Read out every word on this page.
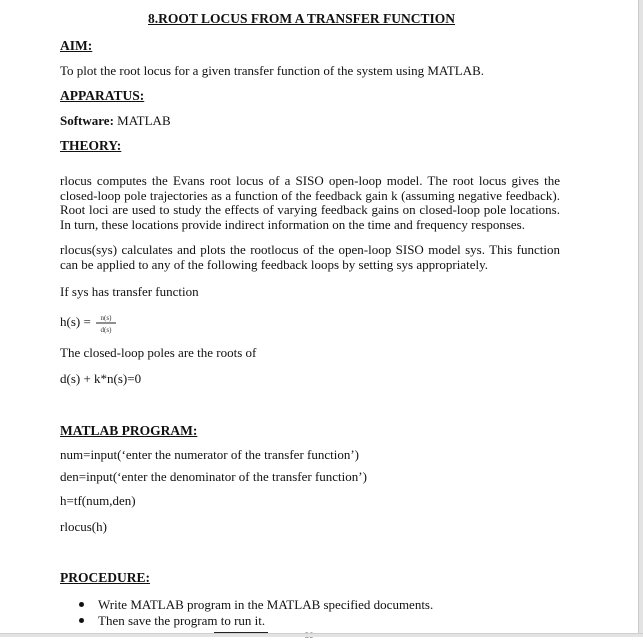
8.ROOT LOCUS FROM A TRANSFER FUNCTION
AIM:
To plot the root locus for a given transfer function of the system using MATLAB.
APPARATUS:
Software: MATLAB
THEORY:
rlocus computes the Evans root locus of a SISO open-loop model. The root locus gives the closed-loop pole trajectories as a function of the feedback gain k (assuming negative feedback). Root loci are used to study the effects of varying feedback gains on closed-loop pole locations. In turn, these locations provide indirect information on the time and frequency responses.
rlocus(sys) calculates and plots the rootlocus of the open-loop SISO model sys. This function can be applied to any of the following feedback loops by setting sys appropriately.
If sys has transfer function
h(s) = n(s)
d(s)
The closed-loop poles are the roots of
d(s) + k*n(s)=0
MATLAB PROGRAM:
num=input(‘enter the numerator of the transfer function’)
den=input(‘enter the denominator of the transfer function’)
h=tf(num,den)
rlocus(h)
PROCEDURE:
Write MATLAB program in the MATLAB specified documents.
Then save the program to run it.
